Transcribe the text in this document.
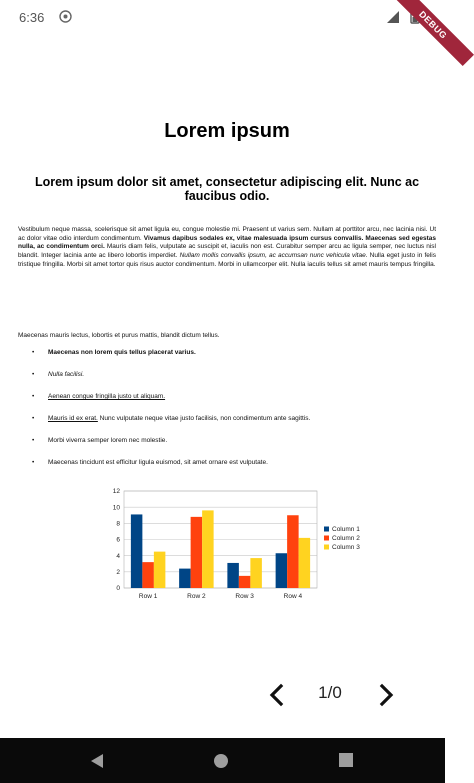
6:36	DEBUG
Lorem ipsum
Lorem ipsum dolor sit amet, consectetur adipiscing elit. Nunc ac faucibus odio.

Vestibulum neque massa, scelerisque sit amet ligula eu, congue molestie mi. Praesent ut varius sem. Nullam at porttitor arcu, nec lacinia nisi. Ut ac dolor vitae odio interdum condimentum. Vivamus dapibus sodales ex, vitae malesuada ipsum cursus convallis. Maecenas sed egestas nulla, ac condimentum orci. Mauris diam felis, vulputate ac suscipit et, iaculis non est. Curabitur semper arcu ac ligula semper, nec luctus nisl blandit. Integer lacinia ante ac libero lobortis imperdiet. Nullam mollis convallis ipsum, ac accumsan nunc vehicula vitae. Nulla eget justo in felis tristique fringilla. Morbi sit amet tortor quis risus auctor condimentum. Morbi in ullamcorper elit. Nulla iaculis tellus sit amet mauris tempus fringilla.

Maecenas mauris lectus, lobortis et purus mattis, blandit dictum tellus.

• Maecenas non lorem quis tellus placerat varius.
• Nulla facilisi.
• Aenean congue fringilla justo ut aliquam.
• Mauris id ex erat. Nunc vulputate neque vitae justo facilisis, non condimentum ante sagittis.
• Morbi viverra semper lorem nec molestie.
• Maecenas tincidunt est efficitur ligula euismod, sit amet ornare est vulputate.
0
2
4
6
8
10
12
Row 1	Row 2	Row 3	Row 4
Column 1
Column 2
Column 3
1/0
